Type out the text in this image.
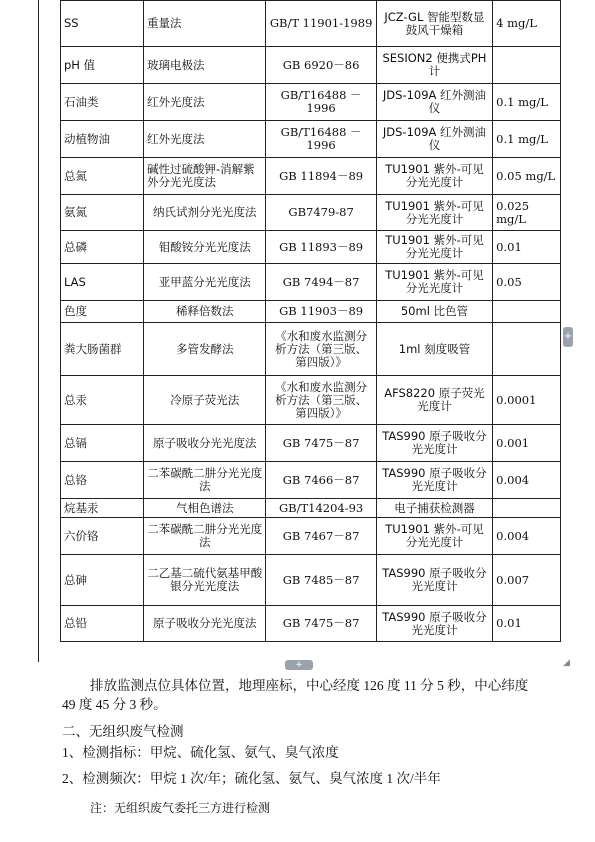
SS	重量法	GB/T 11901-1989	JCZ-GL 智能型数显鼓风干燥箱	4 mg/L
pH 值	玻璃电极法	GB 6920－86	SESION2 便携式PH 计	
石油类	红外光度法	GB/T16488 － 1996	JDS-109A 红外测油仪	0.1 mg/L
动植物油	红外光度法	GB/T16488 － 1996	JDS-109A 红外测油仪	0.1 mg/L
总氮	碱性过硫酸钾-消解紫外分光光度法	GB 11894－89	TU1901 紫外-可见分光光度计	0.05 mg/L
氨氮	纳氏试剂分光光度法	GB7479-87	TU1901 紫外-可见分光光度计	0.025 mg/L
总磷	钼酸铵分光光度法	GB 11893－89	TU1901 紫外-可见分光光度计	0.01
LAS	亚甲蓝分光光度法	GB 7494－87	TU1901 紫外-可见分光光度计	0.05
色度	稀释倍数法	GB 11903－89	50ml 比色管	
粪大肠菌群	多管发酵法	《水和废水监测分析方法（第三版、第四版）》	1ml 刻度吸管	
总汞	冷原子荧光法	《水和废水监测分析方法（第三版、第四版）》	AFS8220 原子荧光光度计	0.0001
总镉	原子吸收分光光度法	GB 7475－87	TAS990 原子吸收分光光度计	0.001
总铬	二苯碳酰二肼分光光度法	GB 7466－87	TAS990 原子吸收分光光度计	0.004
烷基汞	气相色谱法	GB/T14204-93	电子捕获检测器	
六价铬	二苯碳酰二肼分光光度法	GB 7467－87	TU1901 紫外-可见分光光度计	0.004
总砷	二乙基二硫代氨基甲酸银分光光度法	GB 7485－87	TAS990 原子吸收分光光度计	0.007
总铅	原子吸收分光光度法	GB 7475－87	TAS990 原子吸收分光光度计	0.01
+
+	◢
排放监测点位具体位置，地理座标，中心经度 126 度 11 分 5 秒，中心纬度
49 度 45 分 3 秒。
二、无组织废气检测
1、检测指标：甲烷、硫化氢、氨气、臭气浓度
2、检测频次：甲烷 1 次/年；硫化氢、氨气、臭气浓度 1 次/半年
注：无组织废气委托三方进行检测
